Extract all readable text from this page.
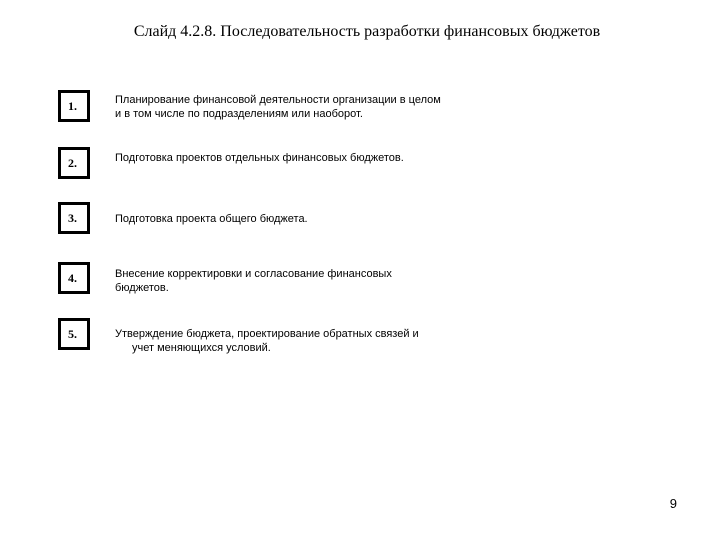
Слайд 4.2.8. Последовательность разработки финансовых бюджетов
1.	Планирование финансовой деятельности организации в целом
и в том числе по подразделениям или наоборот.
2.	Подготовка проектов отдельных финансовых бюджетов.
3.	Подготовка проекта общего бюджета.
4.	Внесение корректировки и согласование финансовых
бюджетов.
5.	Утверждение бюджета, проектирование обратных связей и
учет меняющихся условий.
9
